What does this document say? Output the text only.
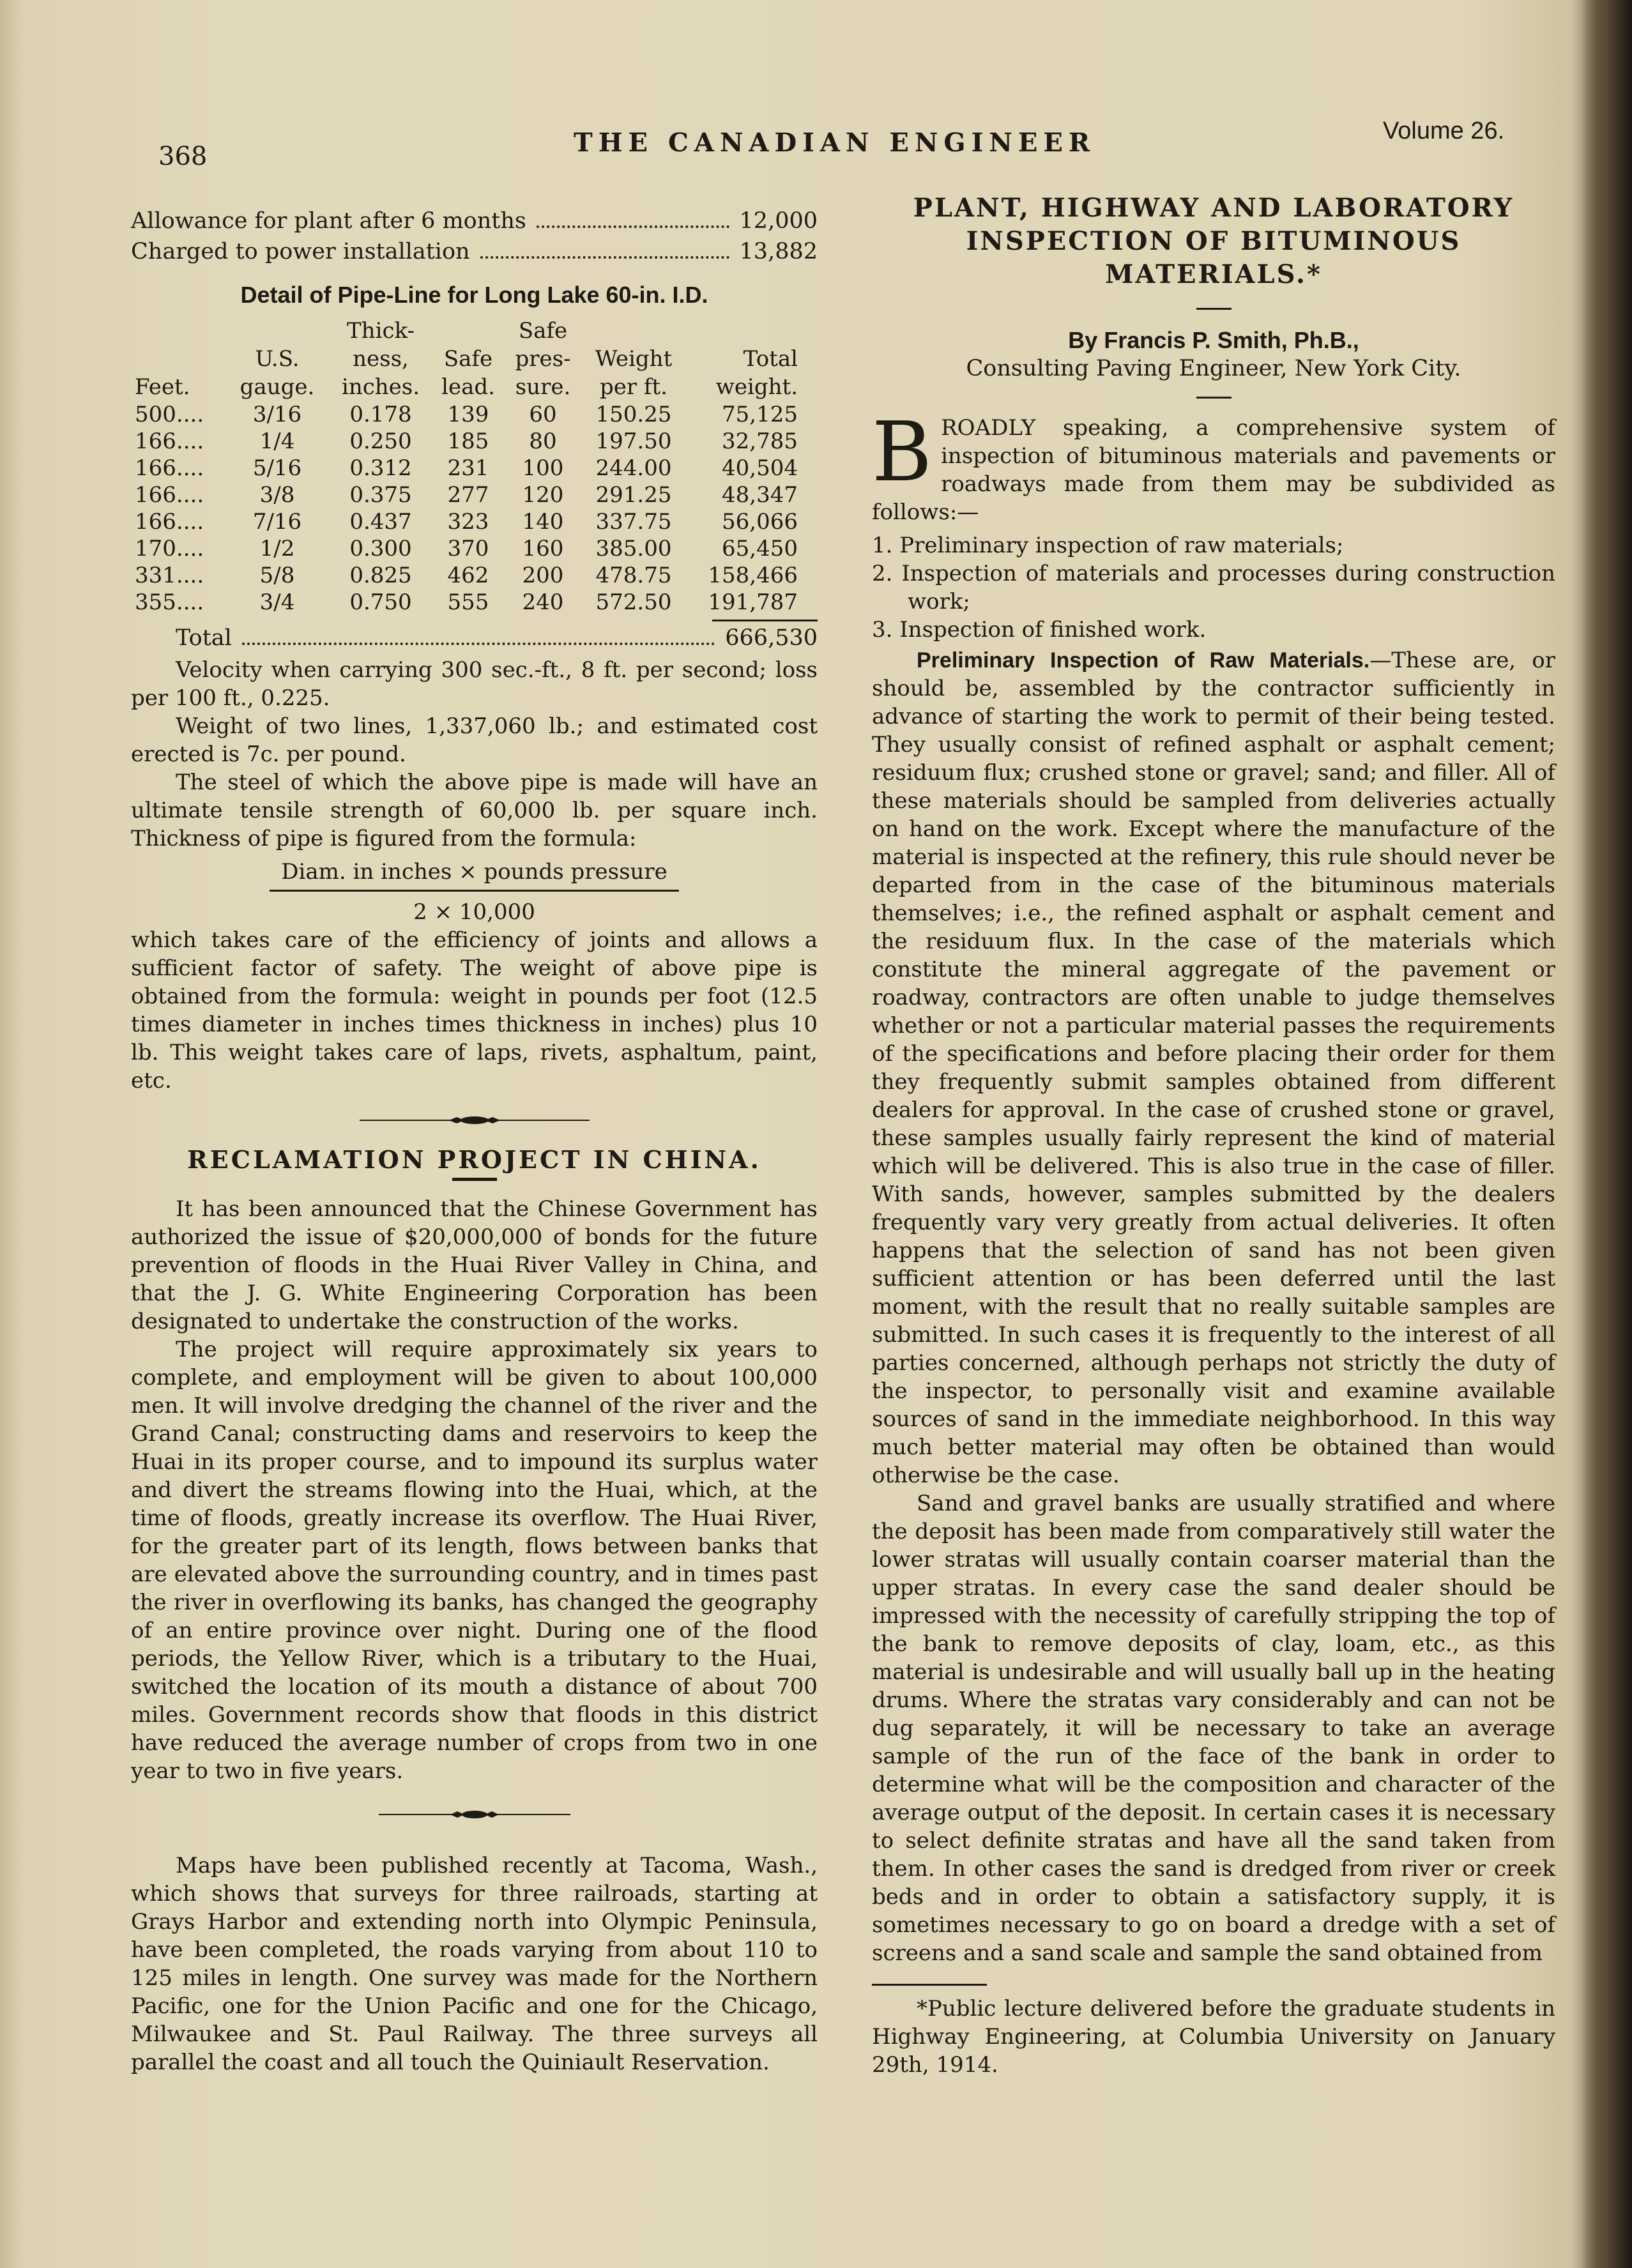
368	THE CANADIAN ENGINEER	Volume 26.
Allowance for plant after 6 months	12,000
Charged to power installation	13,882
Detail of Pipe-Line for Long Lake 60-in. I.D.
Feet.	U.S. gauge.	Thick- ness, inches.	Safe lead.	Safe pres- sure.	Weight per ft.	Total weight.
500....	3/16	0.178	139	60	150.25	75,125
166....	1/4	0.250	185	80	197.50	32,785
166....	5/16	0.312	231	100	244.00	40,504
166....	3/8	0.375	277	120	291.25	48,347
166....	7/16	0.437	323	140	337.75	56,066
170....	1/2	0.300	370	160	385.00	65,450
331....	5/8	0.825	462	200	478.75	158,466
355....	3/4	0.750	555	240	572.50	191,787
Total	666,530

Velocity when carrying 300 sec.-ft., 8 ft. per second; loss per 100 ft., 0.225.

Weight of two lines, 1,337,060 lb.; and estimated cost erected is 7c. per pound.

The steel of which the above pipe is made will have an ultimate tensile strength of 60,000 lb. per square inch. Thickness of pipe is figured from the formula:

Diam. in inches × pounds pressure
2 × 10,000

which takes care of the efficiency of joints and allows a sufficient factor of safety. The weight of above pipe is obtained from the formula: weight in pounds per foot (12.5 times diameter in inches times thickness in inches) plus 10 lb. This weight takes care of laps, rivets, asphaltum, paint, etc.

RECLAMATION PROJECT IN CHINA.

It has been announced that the Chinese Government has authorized the issue of $20,000,000 of bonds for the future prevention of floods in the Huai River Valley in China, and that the J. G. White Engineering Corporation has been designated to undertake the construction of the works.

The project will require approximately six years to complete, and employment will be given to about 100,000 men. It will involve dredging the channel of the river and the Grand Canal; constructing dams and reservoirs to keep the Huai in its proper course, and to impound its surplus water and divert the streams flowing into the Huai, which, at the time of floods, greatly increase its overflow. The Huai River, for the greater part of its length, flows between banks that are elevated above the surrounding country, and in times past the river in overflowing its banks, has changed the geography of an entire province over night. During one of the flood periods, the Yellow River, which is a tributary to the Huai, switched the location of its mouth a distance of about 700 miles. Government records show that floods in this district have reduced the average number of crops from two in one year to two in five years.

Maps have been published recently at Tacoma, Wash., which shows that surveys for three railroads, starting at Grays Harbor and extending north into Olympic Peninsula, have been completed, the roads varying from about 110 to 125 miles in length. One survey was made for the Northern Pacific, one for the Union Pacific and one for the Chicago, Milwaukee and St. Paul Railway. The three surveys all parallel the coast and all touch the Quiniault Reservation.

PLANT, HIGHWAY AND LABORATORY INSPECTION OF BITUMINOUS MATERIALS.*
By Francis P. Smith, Ph.B.,
Consulting Paving Engineer, New York City.

BROADLY speaking, a comprehensive system of inspection of bituminous materials and pavements or roadways made from them may be subdivided as follows:—

1. Preliminary inspection of raw materials;
2. Inspection of materials and processes during construction work;
3. Inspection of finished work.

Preliminary Inspection of Raw Materials.—These are, or should be, assembled by the contractor sufficiently in advance of starting the work to permit of their being tested. They usually consist of refined asphalt or asphalt cement; residuum flux; crushed stone or gravel; sand; and filler. All of these materials should be sampled from deliveries actually on hand on the work. Except where the manufacture of the material is inspected at the refinery, this rule should never be departed from in the case of the bituminous materials themselves; i.e., the refined asphalt or asphalt cement and the residuum flux. In the case of the materials which constitute the mineral aggregate of the pavement or roadway, contractors are often unable to judge themselves whether or not a particular material passes the requirements of the specifications and before placing their order for them they frequently submit samples obtained from different dealers for approval. In the case of crushed stone or gravel, these samples usually fairly represent the kind of material which will be delivered. This is also true in the case of filler. With sands, however, samples submitted by the dealers frequently vary very greatly from actual deliveries. It often happens that the selection of sand has not been given sufficient attention or has been deferred until the last moment, with the result that no really suitable samples are submitted. In such cases it is frequently to the interest of all parties concerned, although perhaps not strictly the duty of the inspector, to personally visit and examine available sources of sand in the immediate neighborhood. In this way much better material may often be obtained than would otherwise be the case.

Sand and gravel banks are usually stratified and where the deposit has been made from comparatively still water the lower stratas will usually contain coarser material than the upper stratas. In every case the sand dealer should be impressed with the necessity of carefully stripping the top of the bank to remove deposits of clay, loam, etc., as this material is undesirable and will usually ball up in the heating drums. Where the stratas vary considerably and can not be dug separately, it will be necessary to take an average sample of the run of the face of the bank in order to determine what will be the composition and character of the average output of the deposit. In certain cases it is necessary to select definite stratas and have all the sand taken from them. In other cases the sand is dredged from river or creek beds and in order to obtain a satisfactory supply, it is sometimes necessary to go on board a dredge with a set of screens and a sand scale and sample the sand obtained from

*Public lecture delivered before the graduate students in Highway Engineering, at Columbia University on January 29th, 1914.
